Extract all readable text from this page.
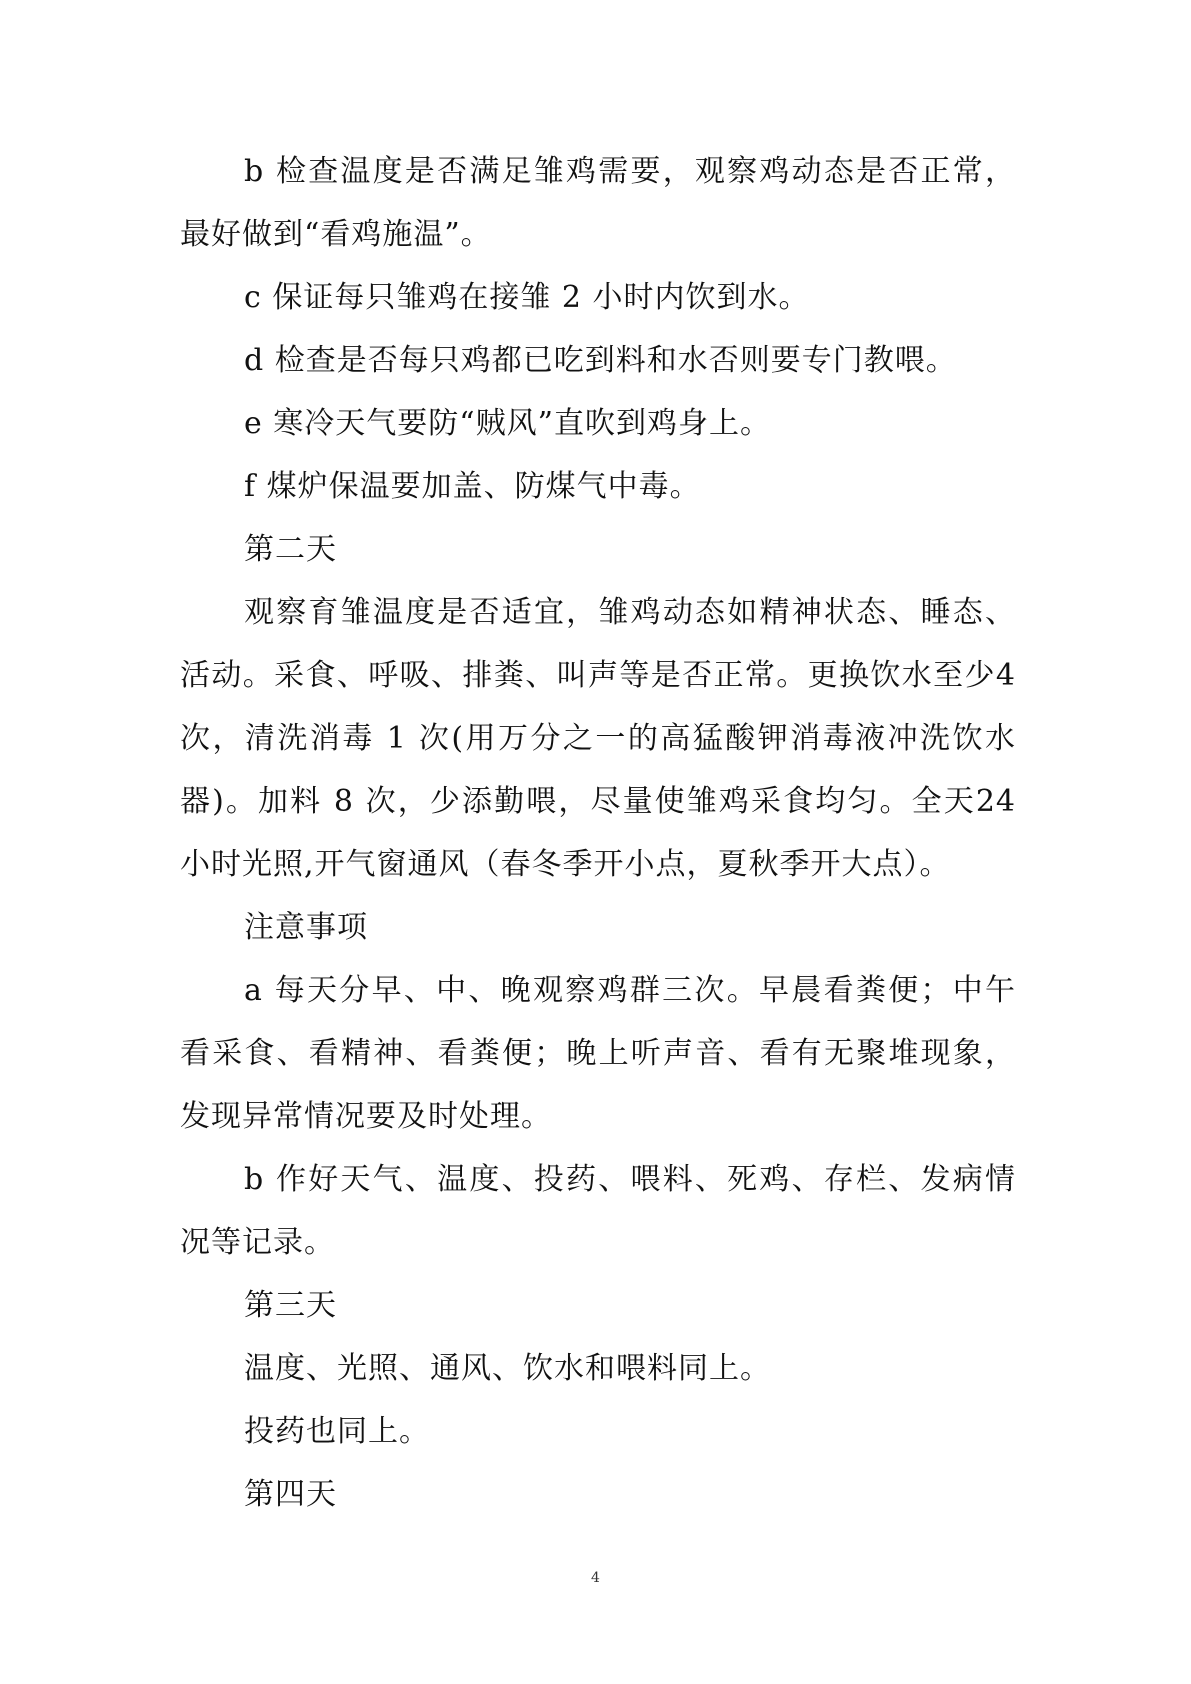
b 检查温度是否满足雏鸡需要，观察鸡动态是否正常，最好做到“看鸡施温”。

c 保证每只雏鸡在接雏 2 小时内饮到水。

d 检查是否每只鸡都已吃到料和水否则要专门教喂。

e 寒冷天气要防“贼风”直吹到鸡身上。

f 煤炉保温要加盖、防煤气中毒。

第二天

观察育雏温度是否适宜，雏鸡动态如精神状态、睡态、活动。采食、呼吸、排粪、叫声等是否正常。更换饮水至少4 次，清洗消毒 1 次(用万分之一的高猛酸钾消毒液冲洗饮水器)。加料 8 次，少添勤喂，尽量使雏鸡采食均匀。全天24 小时光照,开气窗通风（春冬季开小点，夏秋季开大点）。

注意事项

a 每天分早、中、晚观察鸡群三次。早晨看粪便；中午看采食、看精神、看粪便；晚上听声音、看有无聚堆现象，发现异常情况要及时处理。

b 作好天气、温度、投药、喂料、死鸡、存栏、发病情况等记录。

第三天

温度、光照、通风、饮水和喂料同上。

投药也同上。

第四天

4
